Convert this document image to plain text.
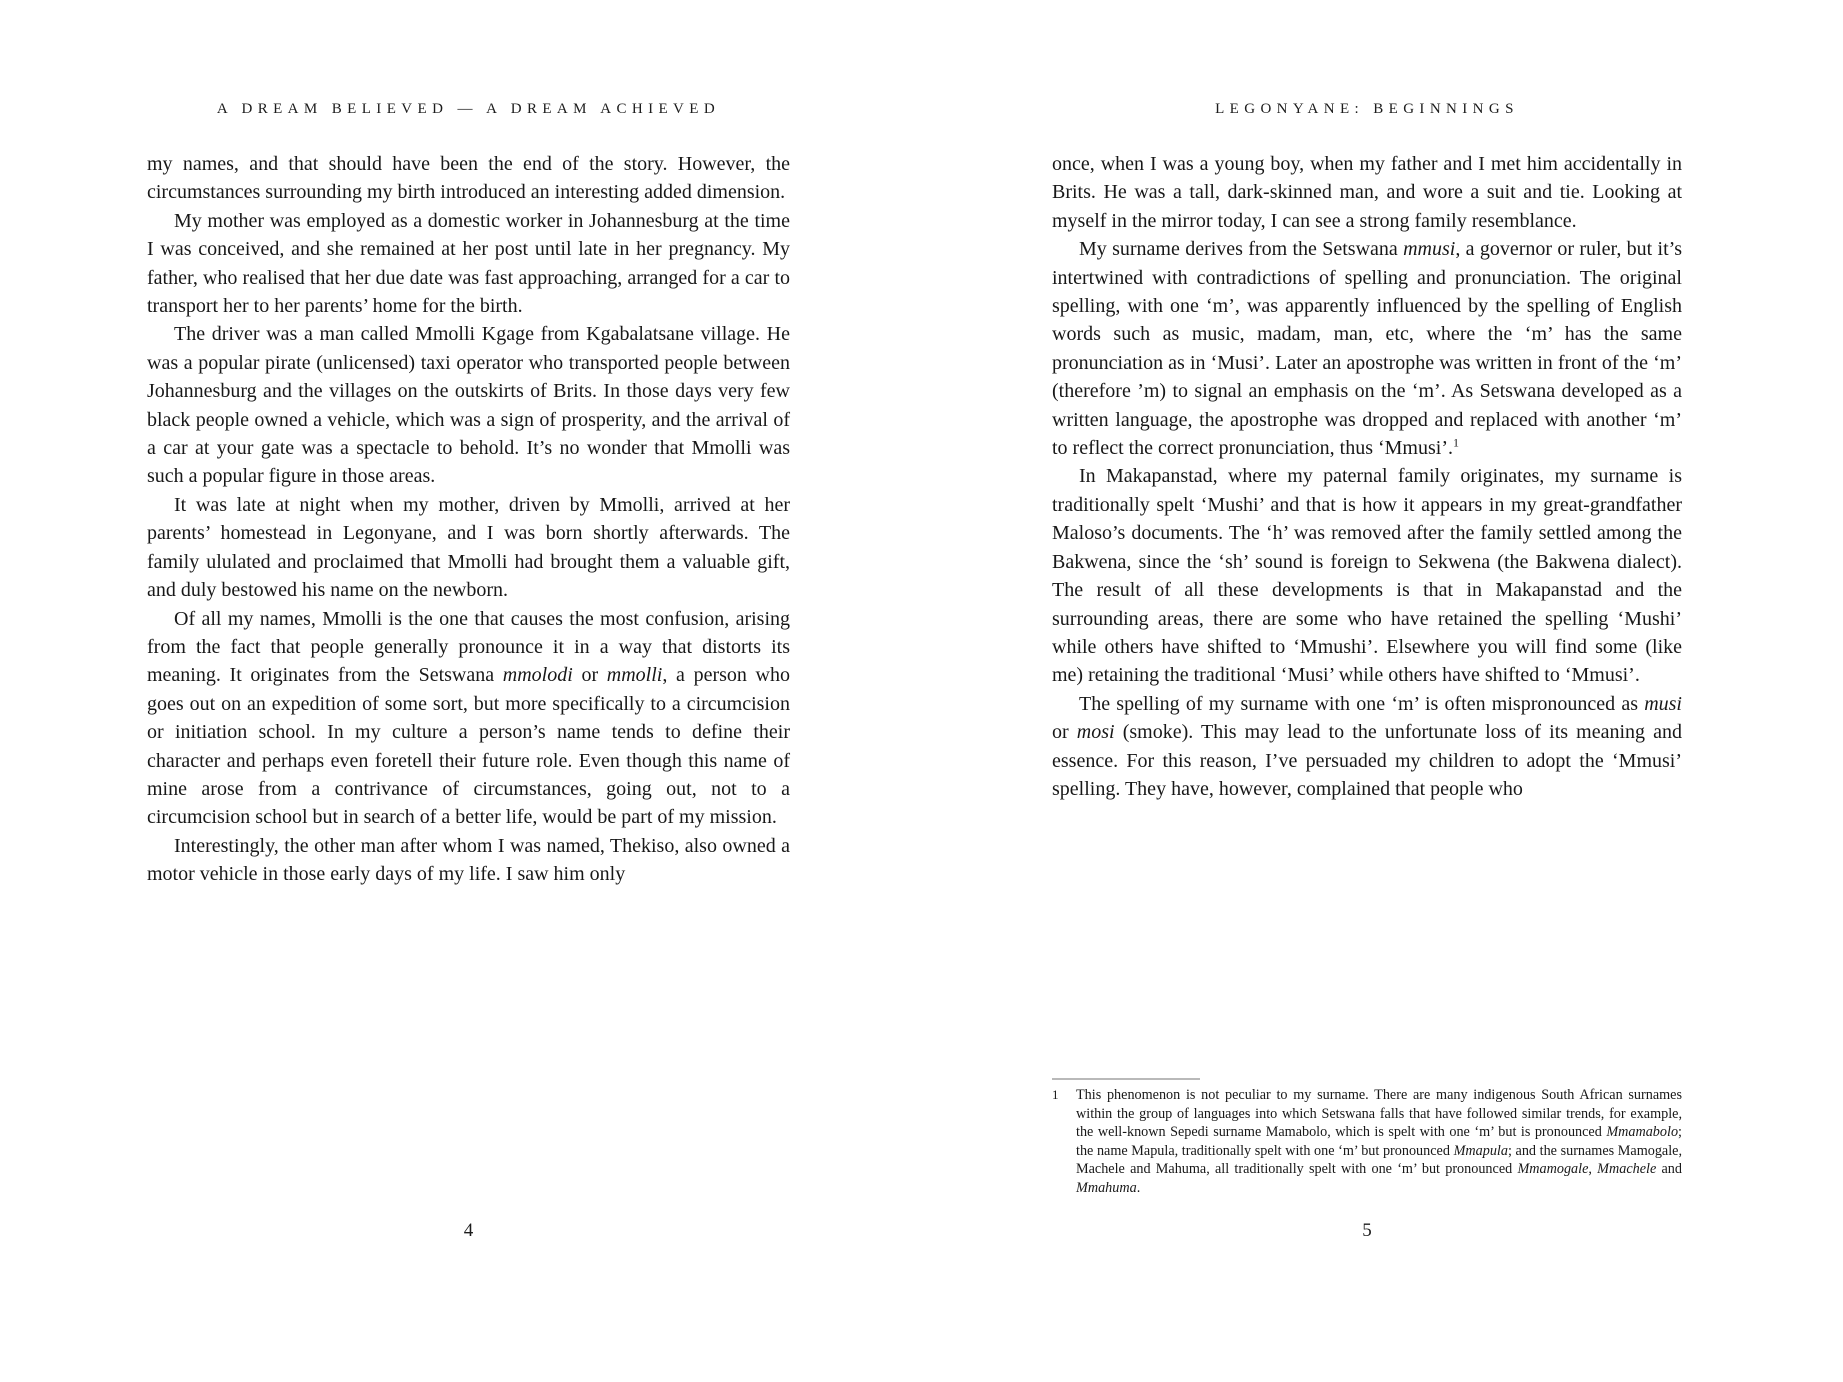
A DREAM BELIEVED — A DREAM ACHIEVED

my names, and that should have been the end of the story. However, the circumstances surrounding my birth introduced an interesting added dimension.

My mother was employed as a domestic worker in Johannesburg at the time I was conceived, and she remained at her post until late in her pregnancy. My father, who realised that her due date was fast approaching, arranged for a car to transport her to her parents’ home for the birth.

The driver was a man called Mmolli Kgage from Kgabalatsane village. He was a popular pirate (unlicensed) taxi operator who transported people between Johannesburg and the villages on the outskirts of Brits. In those days very few black people owned a vehicle, which was a sign of prosperity, and the arrival of a car at your gate was a spectacle to behold. It’s no wonder that Mmolli was such a popular figure in those areas.

It was late at night when my mother, driven by Mmolli, arrived at her parents’ homestead in Legonyane, and I was born shortly afterwards. The family ululated and proclaimed that Mmolli had brought them a valuable gift, and duly bestowed his name on the newborn.

Of all my names, Mmolli is the one that causes the most confusion, arising from the fact that people generally pronounce it in a way that distorts its meaning. It originates from the Setswana mmolodi or mmolli, a person who goes out on an expedition of some sort, but more specifically to a circumcision or initiation school. In my culture a person’s name tends to define their character and perhaps even foretell their future role. Even though this name of mine arose from a contrivance of circumstances, going out, not to a circumcision school but in search of a better life, would be part of my mission.

Interestingly, the other man after whom I was named, Thekiso, also owned a motor vehicle in those early days of my life. I saw him only

4
LEGONYANE: BEGINNINGS

once, when I was a young boy, when my father and I met him accidentally in Brits. He was a tall, dark-skinned man, and wore a suit and tie. Looking at myself in the mirror today, I can see a strong family resemblance.

My surname derives from the Setswana mmusi, a governor or ruler, but it’s intertwined with contradictions of spelling and pronunciation. The original spelling, with one ‘m’, was apparently influenced by the spelling of English words such as music, madam, man, etc, where the ‘m’ has the same pronunciation as in ‘Musi’. Later an apostrophe was written in front of the ‘m’ (therefore ’m) to signal an emphasis on the ‘m’. As Setswana developed as a written language, the apostrophe was dropped and replaced with another ‘m’ to reflect the correct pronunciation, thus ‘Mmusi’.$^1$

In Makapanstad, where my paternal family originates, my surname is traditionally spelt ‘Mushi’ and that is how it appears in my great-grandfather Maloso’s documents. The ‘h’ was removed after the family settled among the Bakwena, since the ‘sh’ sound is foreign to Sekwena (the Bakwena dialect). The result of all these developments is that in Makapanstad and the surrounding areas, there are some who have retained the spelling ‘Mushi’ while others have shifted to ‘Mmushi’. Elsewhere you will find some (like me) retaining the traditional ‘Musi’ while others have shifted to ‘Mmusi’.

The spelling of my surname with one ‘m’ is often mispronounced as musi or mosi (smoke). This may lead to the unfortunate loss of its meaning and essence. For this reason, I’ve persuaded my children to adopt the ‘Mmusi’ spelling. They have, however, complained that people who

1 This phenomenon is not peculiar to my surname. There are many indigenous South African surnames within the group of languages into which Setswana falls that have followed similar trends, for example, the well-known Sepedi surname Mamabolo, which is spelt with one ‘m’ but is pronounced Mmamabolo; the name Mapula, traditionally spelt with one ‘m’ but pronounced Mmapula; and the surnames Mamogale, Machele and Mahuma, all traditionally spelt with one ‘m’ but pronounced Mmamogale, Mmachele and Mmahuma.
5
